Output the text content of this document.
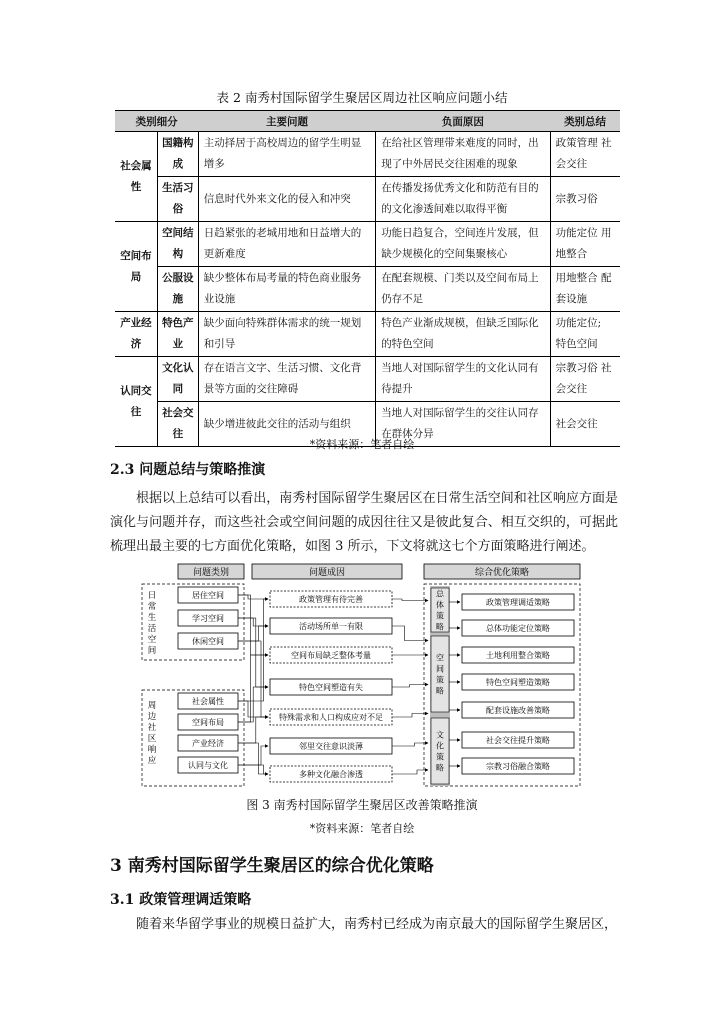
表 2 南秀村国际留学生聚居区周边社区响应问题小结
类别细分		主要问题	负面原因	类别总结
社会属性	国籍构成	主动择居于高校周边的留学生明显增多	在给社区管理带来难度的同时，出现了中外居民交往困难的现象	政策管理 社会交往
	生活习俗	信息时代外来文化的侵入和冲突	在传播发扬优秀文化和防范有目的的文化渗透间难以取得平衡	宗教习俗
空间布局	空间结构	日趋紧张的老城用地和日益增大的更新难度	功能日趋复合，空间连片发展，但缺少规模化的空间集聚核心	功能定位 用地整合
	公服设施	缺少整体布局考量的特色商业服务业设施	在配套规模、门类以及空间布局上仍存不足	用地整合 配套设施
产业经济	特色产业	缺少面向特殊群体需求的统一规划和引导	特色产业渐成规模，但缺乏国际化的特色空间	功能定位; 特色空间
认同交往	文化认同	存在语言文字、生活习惯、文化背景等方面的交往障碍	当地人对国际留学生的文化认同有待提升	宗教习俗 社会交往
	社会交往	缺少增进彼此交往的活动与组织	当地人对国际留学生的交往认同存在群体分异	社会交往
*资料来源：笔者自绘
2.3 问题总结与策略推演

根据以上总结可以看出，南秀村国际留学生聚居区在日常生活空间和社区响应方面是演化与问题并存，而这些社会或空间问题的成因往往又是彼此复合、相互交织的，可据此梳理出最主要的七方面优化策略，如图 3 所示，下文将就这七个方面策略进行阐述。

问题类别	问题成因	综合优化策略
日常生活空间
周边社区响应
居住空间
学习空间
休闲空间
社会属性
空间布局
产业经济
认同与文化
政策管理有待完善
活动场所单一有限
空间布局缺乏整体考量
特色空间塑造有失
特殊需求和人口构成应对不足
邻里交往意识淡薄
多种文化融合渗透
总体策略
空间策略
文化策略
政策管理调适策略
总体功能定位策略
土地利用整合策略
特色空间塑造策略
配套设施改善策略
社会交往提升策略
宗教习俗融合策略
图 3 南秀村国际留学生聚居区改善策略推演
*资料来源：笔者自绘
3 南秀村国际留学生聚居区的综合优化策略
3.1 政策管理调适策略

随着来华留学事业的规模日益扩大，南秀村已经成为南京最大的国际留学生聚居区，
